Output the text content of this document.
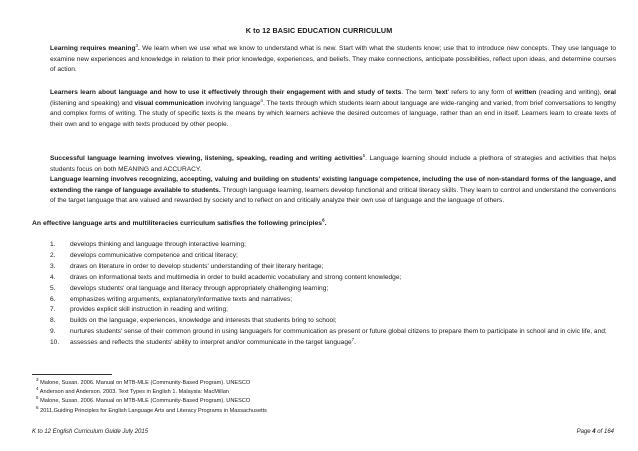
K to 12 BASIC EDUCATION CURRICULUM
Learning requires meaning$^3$. We learn when we use what we know to understand what is new. Start with what the students know; use that to introduce new concepts. They use language to examine new experiences and knowledge in relation to their prior knowledge, experiences, and beliefs. They make connections, anticipate possibilities, reflect upon ideas, and determine courses of action.
Learners learn about language and how to use it effectively through their engagement with and study of texts. The term 'text' refers to any form of written (reading and writing), oral (listening and speaking) and visual communication involving language$^4$. The texts through which students learn about language are wide-ranging and varied, from brief conversations to lengthy and complex forms of writing. The study of specific texts is the means by which learners achieve the desired outcomes of language, rather than an end in itself. Learners learn to create texts of their own and to engage with texts produced by other people.
Successful language learning involves viewing, listening, speaking, reading and writing activities$^5$. Language learning should include a plethora of strategies and activities that helps students focus on both MEANING and ACCURACY.
Language learning involves recognizing, accepting, valuing and building on students' existing language competence, including the use of non-standard forms of the language, and extending the range of language available to students. Through language learning, learners develop functional and critical literacy skills. They learn to control and understand the conventions of the target language that are valued and rewarded by society and to reflect on and critically analyze their own use of language and the language of others.
An effective language arts and multiliteracies curriculum satisfies the following principles$^6$.
1. develops thinking and language through interactive learning;
2. develops communicative competence and critical literacy;
3. draws on literature in order to develop students' understanding of their literary heritage;
4. draws on informational texts and multimedia in order to build academic vocabulary and strong content knowledge;
5. develops students' oral language and literacy through appropriately challenging learning;
6. emphasizes writing arguments, explanatory/informative texts and narratives;
7. provides explicit skill instruction in reading and writing;
8. builds on the language, experiences, knowledge and interests that students bring to school;
9. nurtures students' sense of their common ground in using language/s for communication as present or future global citizens to prepare them to participate in school and in civic life, and;
10. assesses and reflects the students' ability to interpret and/or communicate in the target language$^7$.
$^3$ Malone, Susan. 2006. Manual on MTB-MLE (Community-Based Program). UNESCO
$^4$ Anderson and Anderson. 2003. Text Types in English 1. Malaysia: MacMillan
$^5$ Malone, Susan. 2006. Manual on MTB-MLE (Community-Based Program). UNESCO
$^6$ 2011.Guiding Principles for English Language Arts and Literacy Programs in Massachusetts
K to 12 English Curriculum Guide July 2015	Page 4 of 164
